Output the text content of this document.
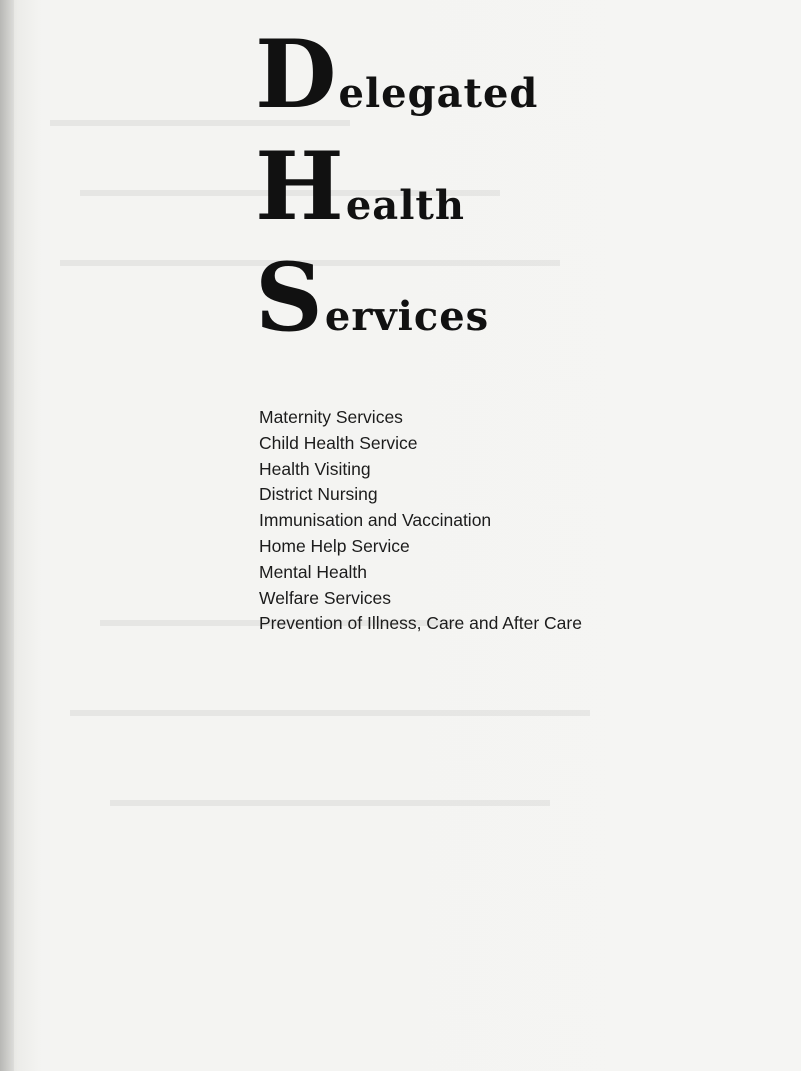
Delegated
Health
Services
Maternity Services
Child Health Service
Health Visiting
District Nursing
Immunisation and Vaccination
Home Help Service
Mental Health
Welfare Services
Prevention of Illness, Care and After Care
